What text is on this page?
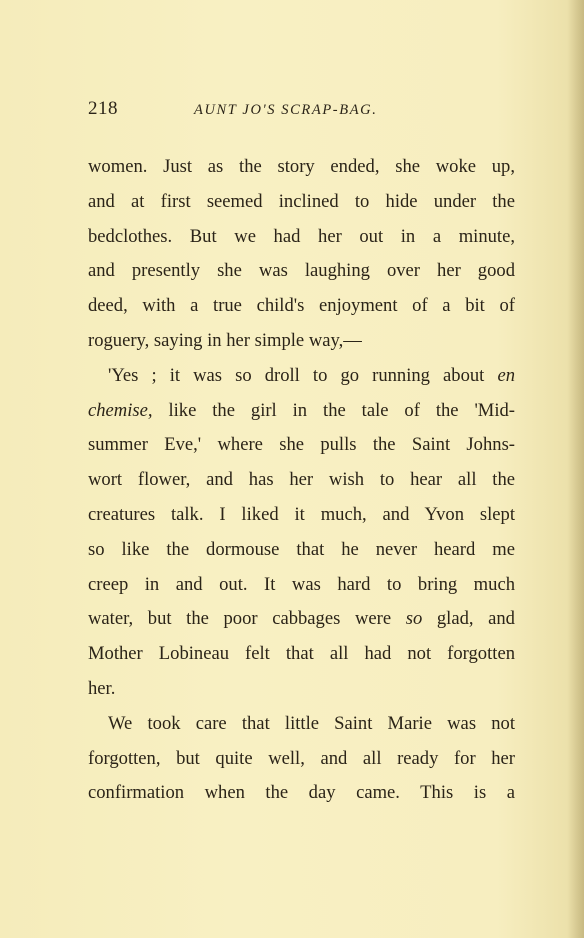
218	AUNT JO'S SCRAP-BAG.
women. Just as the story ended, she woke up,
and at first seemed inclined to hide under the
bedclothes. But we had her out in a minute,
and presently she was laughing over her good
deed, with a true child's enjoyment of a bit of
roguery, saying in her simple way,—
'Yes ; it was so droll to go running about en
chemise, like the girl in the tale of the 'Mid-
summer Eve,' where she pulls the Saint Johns-
wort flower, and has her wish to hear all the
creatures talk. I liked it much, and Yvon slept
so like the dormouse that he never heard me
creep in and out. It was hard to bring much
water, but the poor cabbages were so glad, and
Mother Lobineau felt that all had not forgotten
her.
We took care that little Saint Marie was not
forgotten, but quite well, and all ready for her
confirmation when the day came. This is a
